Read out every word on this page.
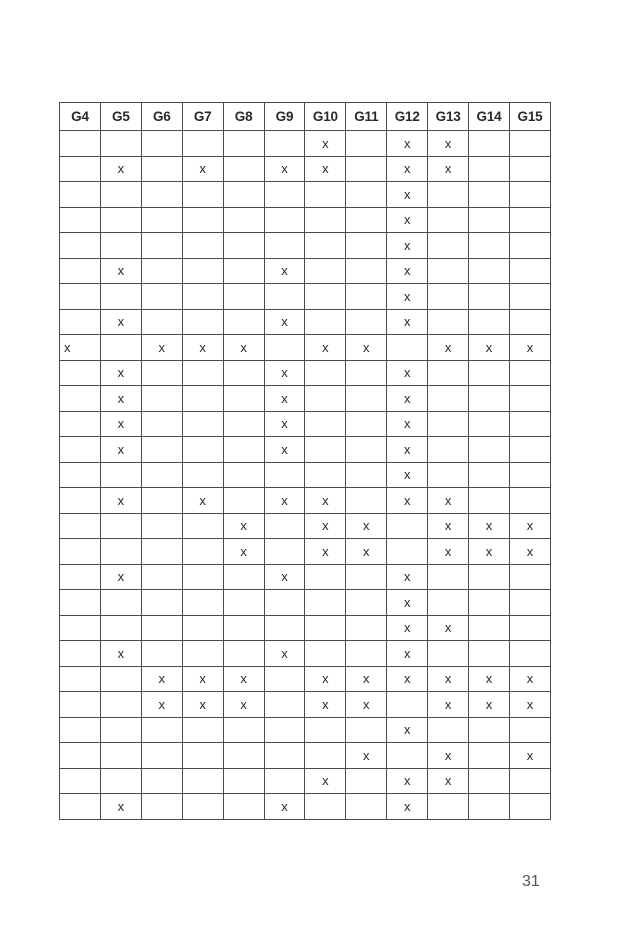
G4	G5	G6	G7	G8	G9	G10	G11	G12	G13	G14	G15
						x		x	x		
	x		x		x	x		x	x		
								x			
								x			
								x			
	x				x			x			
								x			
	x				x			x			
x		x	x	x		x	x		x	x	x
	x				x			x			
	x				x			x			
	x				x			x			
	x				x			x			
								x			
	x		x		x	x		x	x		
				x		x	x		x	x	x
				x		x	x		x	x	x
	x				x			x			
								x			
								x	x		
	x				x			x			
		x	x	x		x	x	x	x	x	x
		x	x	x		x	x		x	x	x
								x			
							x		x		x
						x		x	x		
	x				x			x			
31
